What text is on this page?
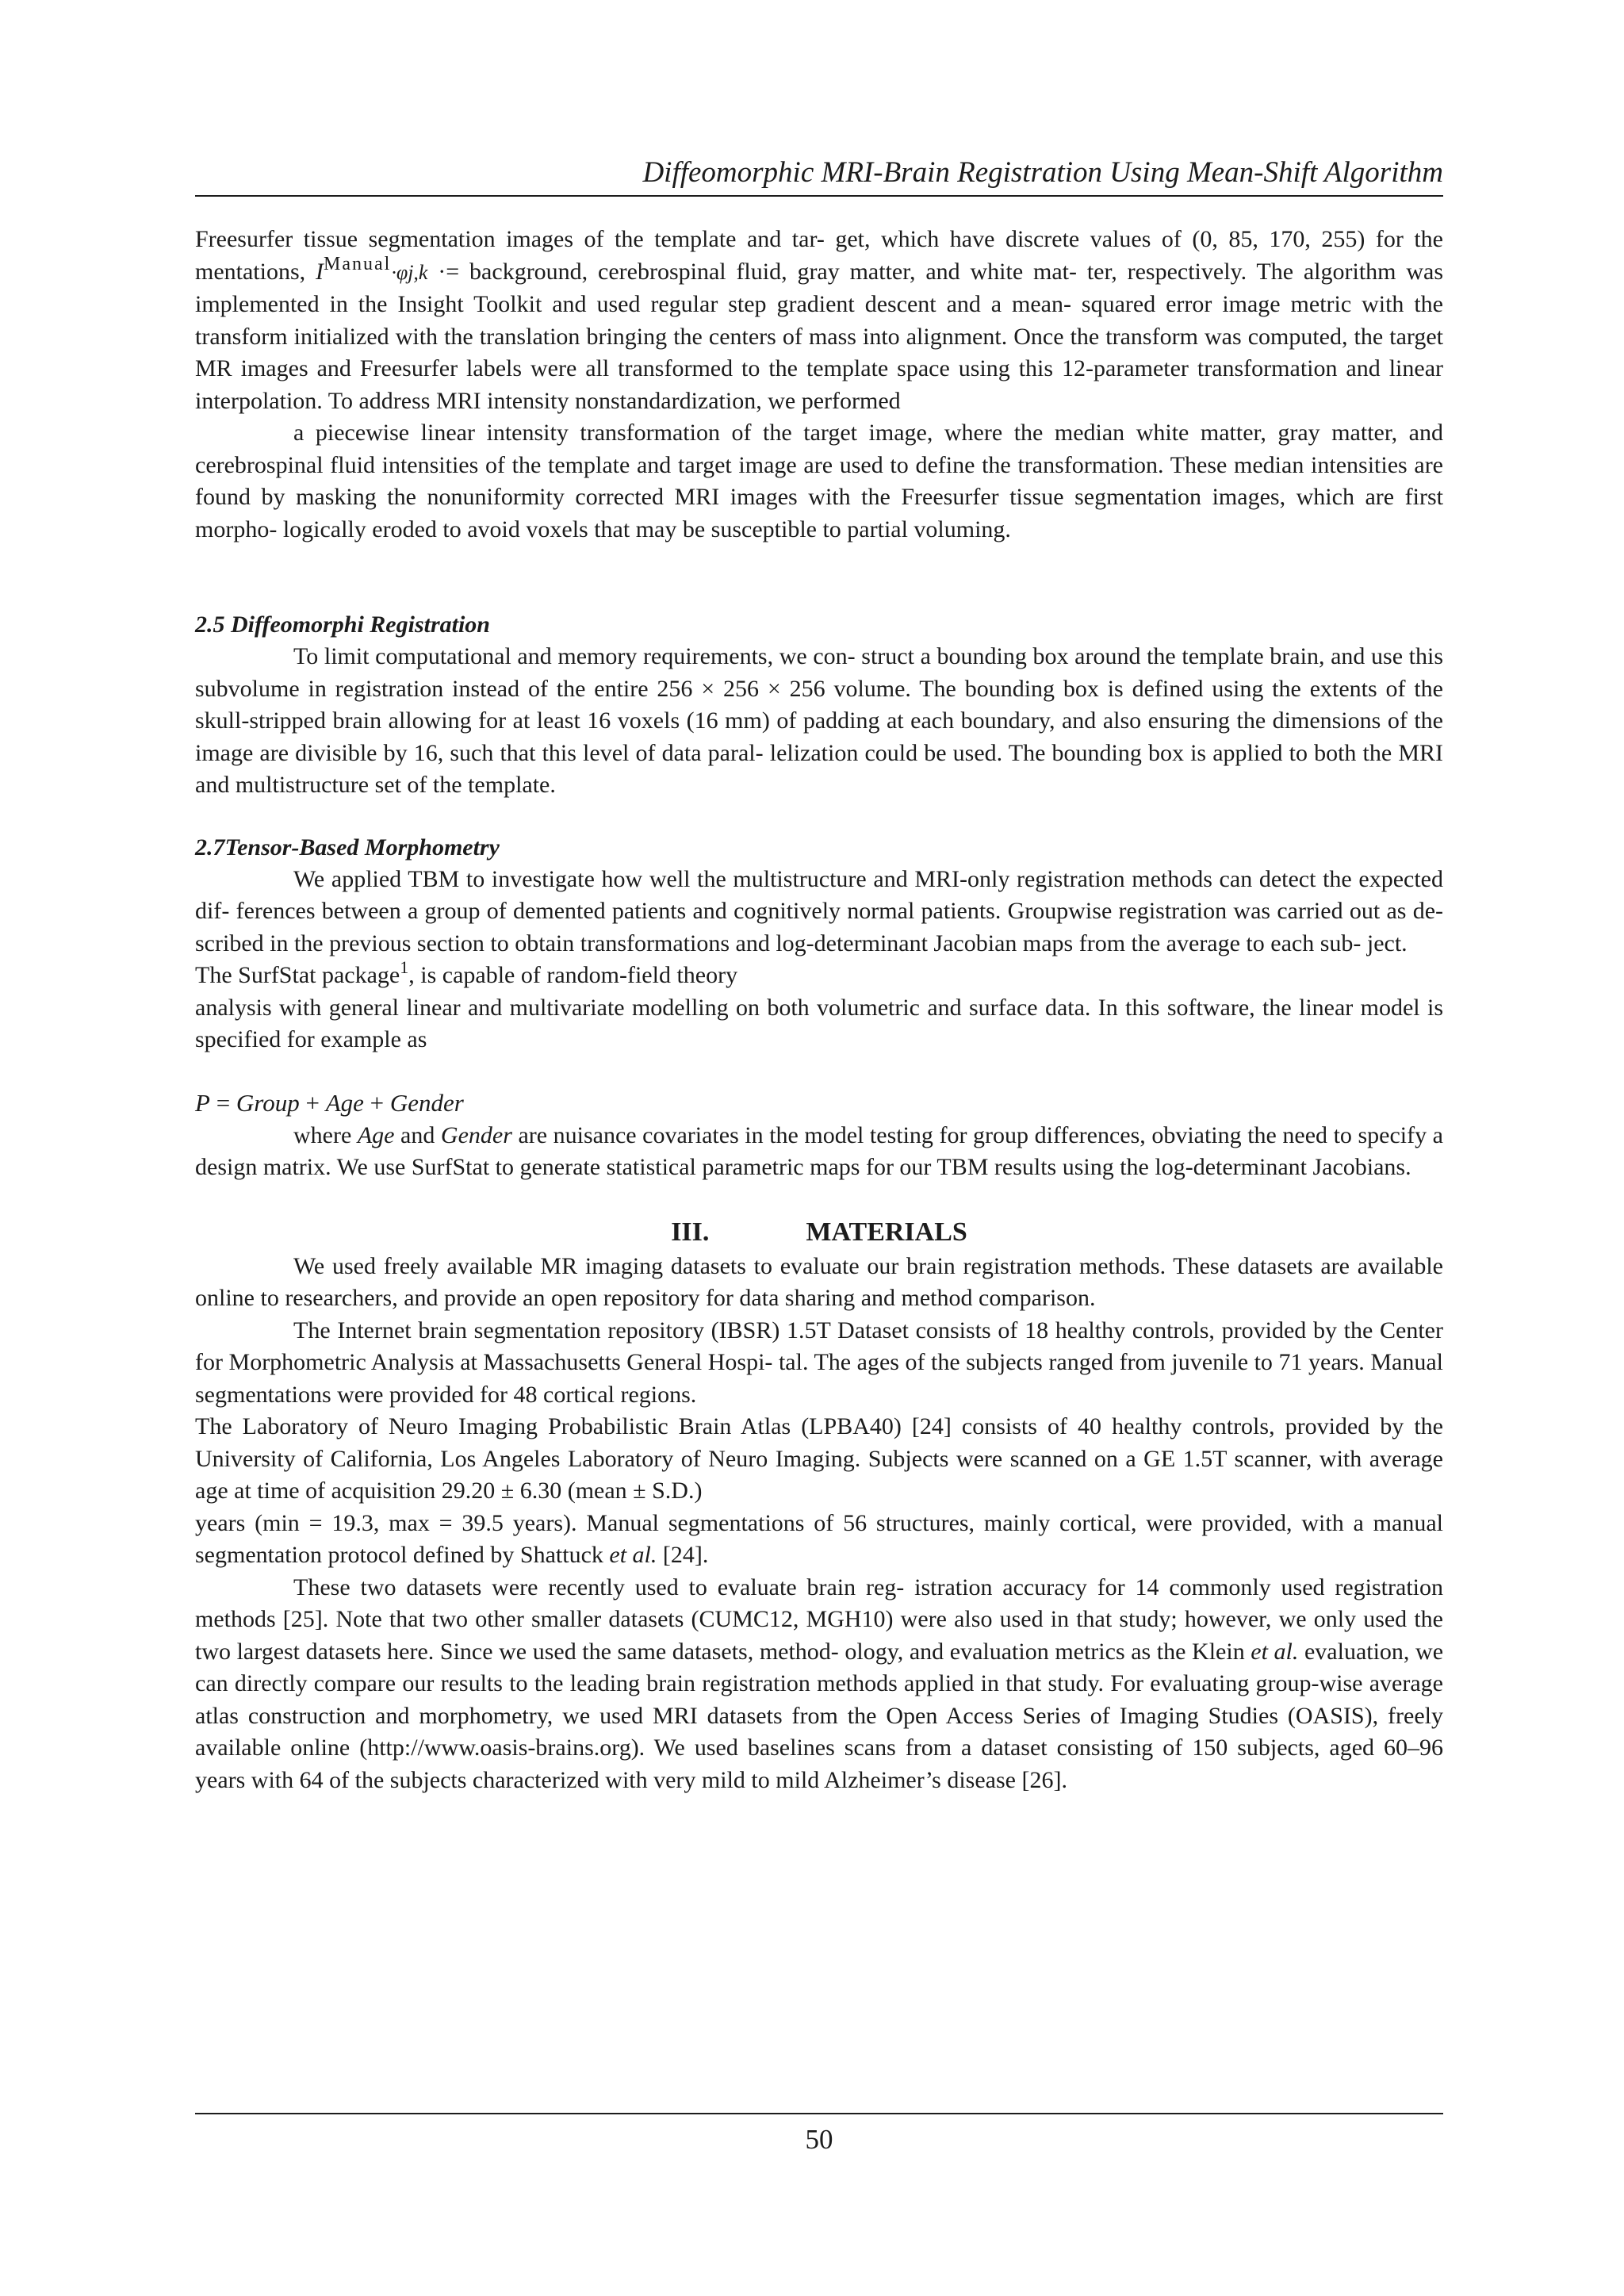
Diffeomorphic MRI-Brain Registration Using Mean-Shift Algorithm

Freesurfer tissue segmentation images of the template and tar- get, which have discrete values of (0, 85, 170, 255) for the mentations, $I^{Manual}\cdot\varphi j,k$ ·= background, cerebrospinal fluid, gray matter, and white mat- ter, respectively. The algorithm was implemented in the Insight Toolkit and used regular step gradient descent and a mean- squared error image metric with the transform initialized with the translation bringing the centers of mass into alignment. Once the transform was computed, the target MR images and Freesurfer labels were all transformed to the template space using this 12-parameter transformation and linear interpolation. To address MRI intensity nonstandardization, we performed

a piecewise linear intensity transformation of the target image, where the median white matter, gray matter, and cerebrospinal fluid intensities of the template and target image are used to define the transformation. These median intensities are found by masking the nonuniformity corrected MRI images with the Freesurfer tissue segmentation images, which are first morpho- logically eroded to avoid voxels that may be susceptible to partial voluming.

2.5 Diffeomorphi Registration

To limit computational and memory requirements, we con- struct a bounding box around the template brain, and use this subvolume in registration instead of the entire 256 × 256 × 256 volume. The bounding box is defined using the extents of the skull-stripped brain allowing for at least 16 voxels (16 mm) of padding at each boundary, and also ensuring the dimensions of the image are divisible by 16, such that this level of data paral- lelization could be used. The bounding box is applied to both the MRI and multistructure set of the template.

2.7Tensor-Based Morphometry

We applied TBM to investigate how well the multistructure and MRI-only registration methods can detect the expected dif- ferences between a group of demented patients and cognitively normal patients. Groupwise registration was carried out as de- scribed in the previous section to obtain transformations and log-determinant Jacobian maps from the average to each sub- ject.

The SurfStat package$^1$, is capable of random-field theory

analysis with general linear and multivariate modelling on both volumetric and surface data. In this software, the linear model is specified for example as

P = Group + Age + Gender

where Age and Gender are nuisance covariates in the model testing for group differences, obviating the need to specify a design matrix. We use SurfStat to generate statistical parametric maps for our TBM results using the log-determinant Jacobians.

III.	MATERIALS

We used freely available MR imaging datasets to evaluate our brain registration methods. These datasets are available online to researchers, and provide an open repository for data sharing and method comparison.

The Internet brain segmentation repository (IBSR) 1.5T Dataset consists of 18 healthy controls, provided by the Center for Morphometric Analysis at Massachusetts General Hospi- tal. The ages of the subjects ranged from juvenile to 71 years. Manual segmentations were provided for 48 cortical regions.

The Laboratory of Neuro Imaging Probabilistic Brain Atlas (LPBA40) [24] consists of 40 healthy controls, provided by the University of California, Los Angeles Laboratory of Neuro Imaging. Subjects were scanned on a GE 1.5T scanner, with average age at time of acquisition 29.20 ± 6.30 (mean ± S.D.)

years (min = 19.3, max = 39.5 years). Manual segmentations of 56 structures, mainly cortical, were provided, with a manual segmentation protocol defined by Shattuck et al. [24].

These two datasets were recently used to evaluate brain reg- istration accuracy for 14 commonly used registration methods [25]. Note that two other smaller datasets (CUMC12, MGH10) were also used in that study; however, we only used the two largest datasets here. Since we used the same datasets, method- ology, and evaluation metrics as the Klein et al. evaluation, we can directly compare our results to the leading brain registration methods applied in that study. For evaluating group-wise average atlas construction and morphometry, we used MRI datasets from the Open Access Series of Imaging Studies (OASIS), freely available online (http://www.oasis-brains.org). We used baselines scans from a dataset consisting of 150 subjects, aged 60–96 years with 64 of the subjects characterized with very mild to mild Alzheimer’s disease [26].

50
